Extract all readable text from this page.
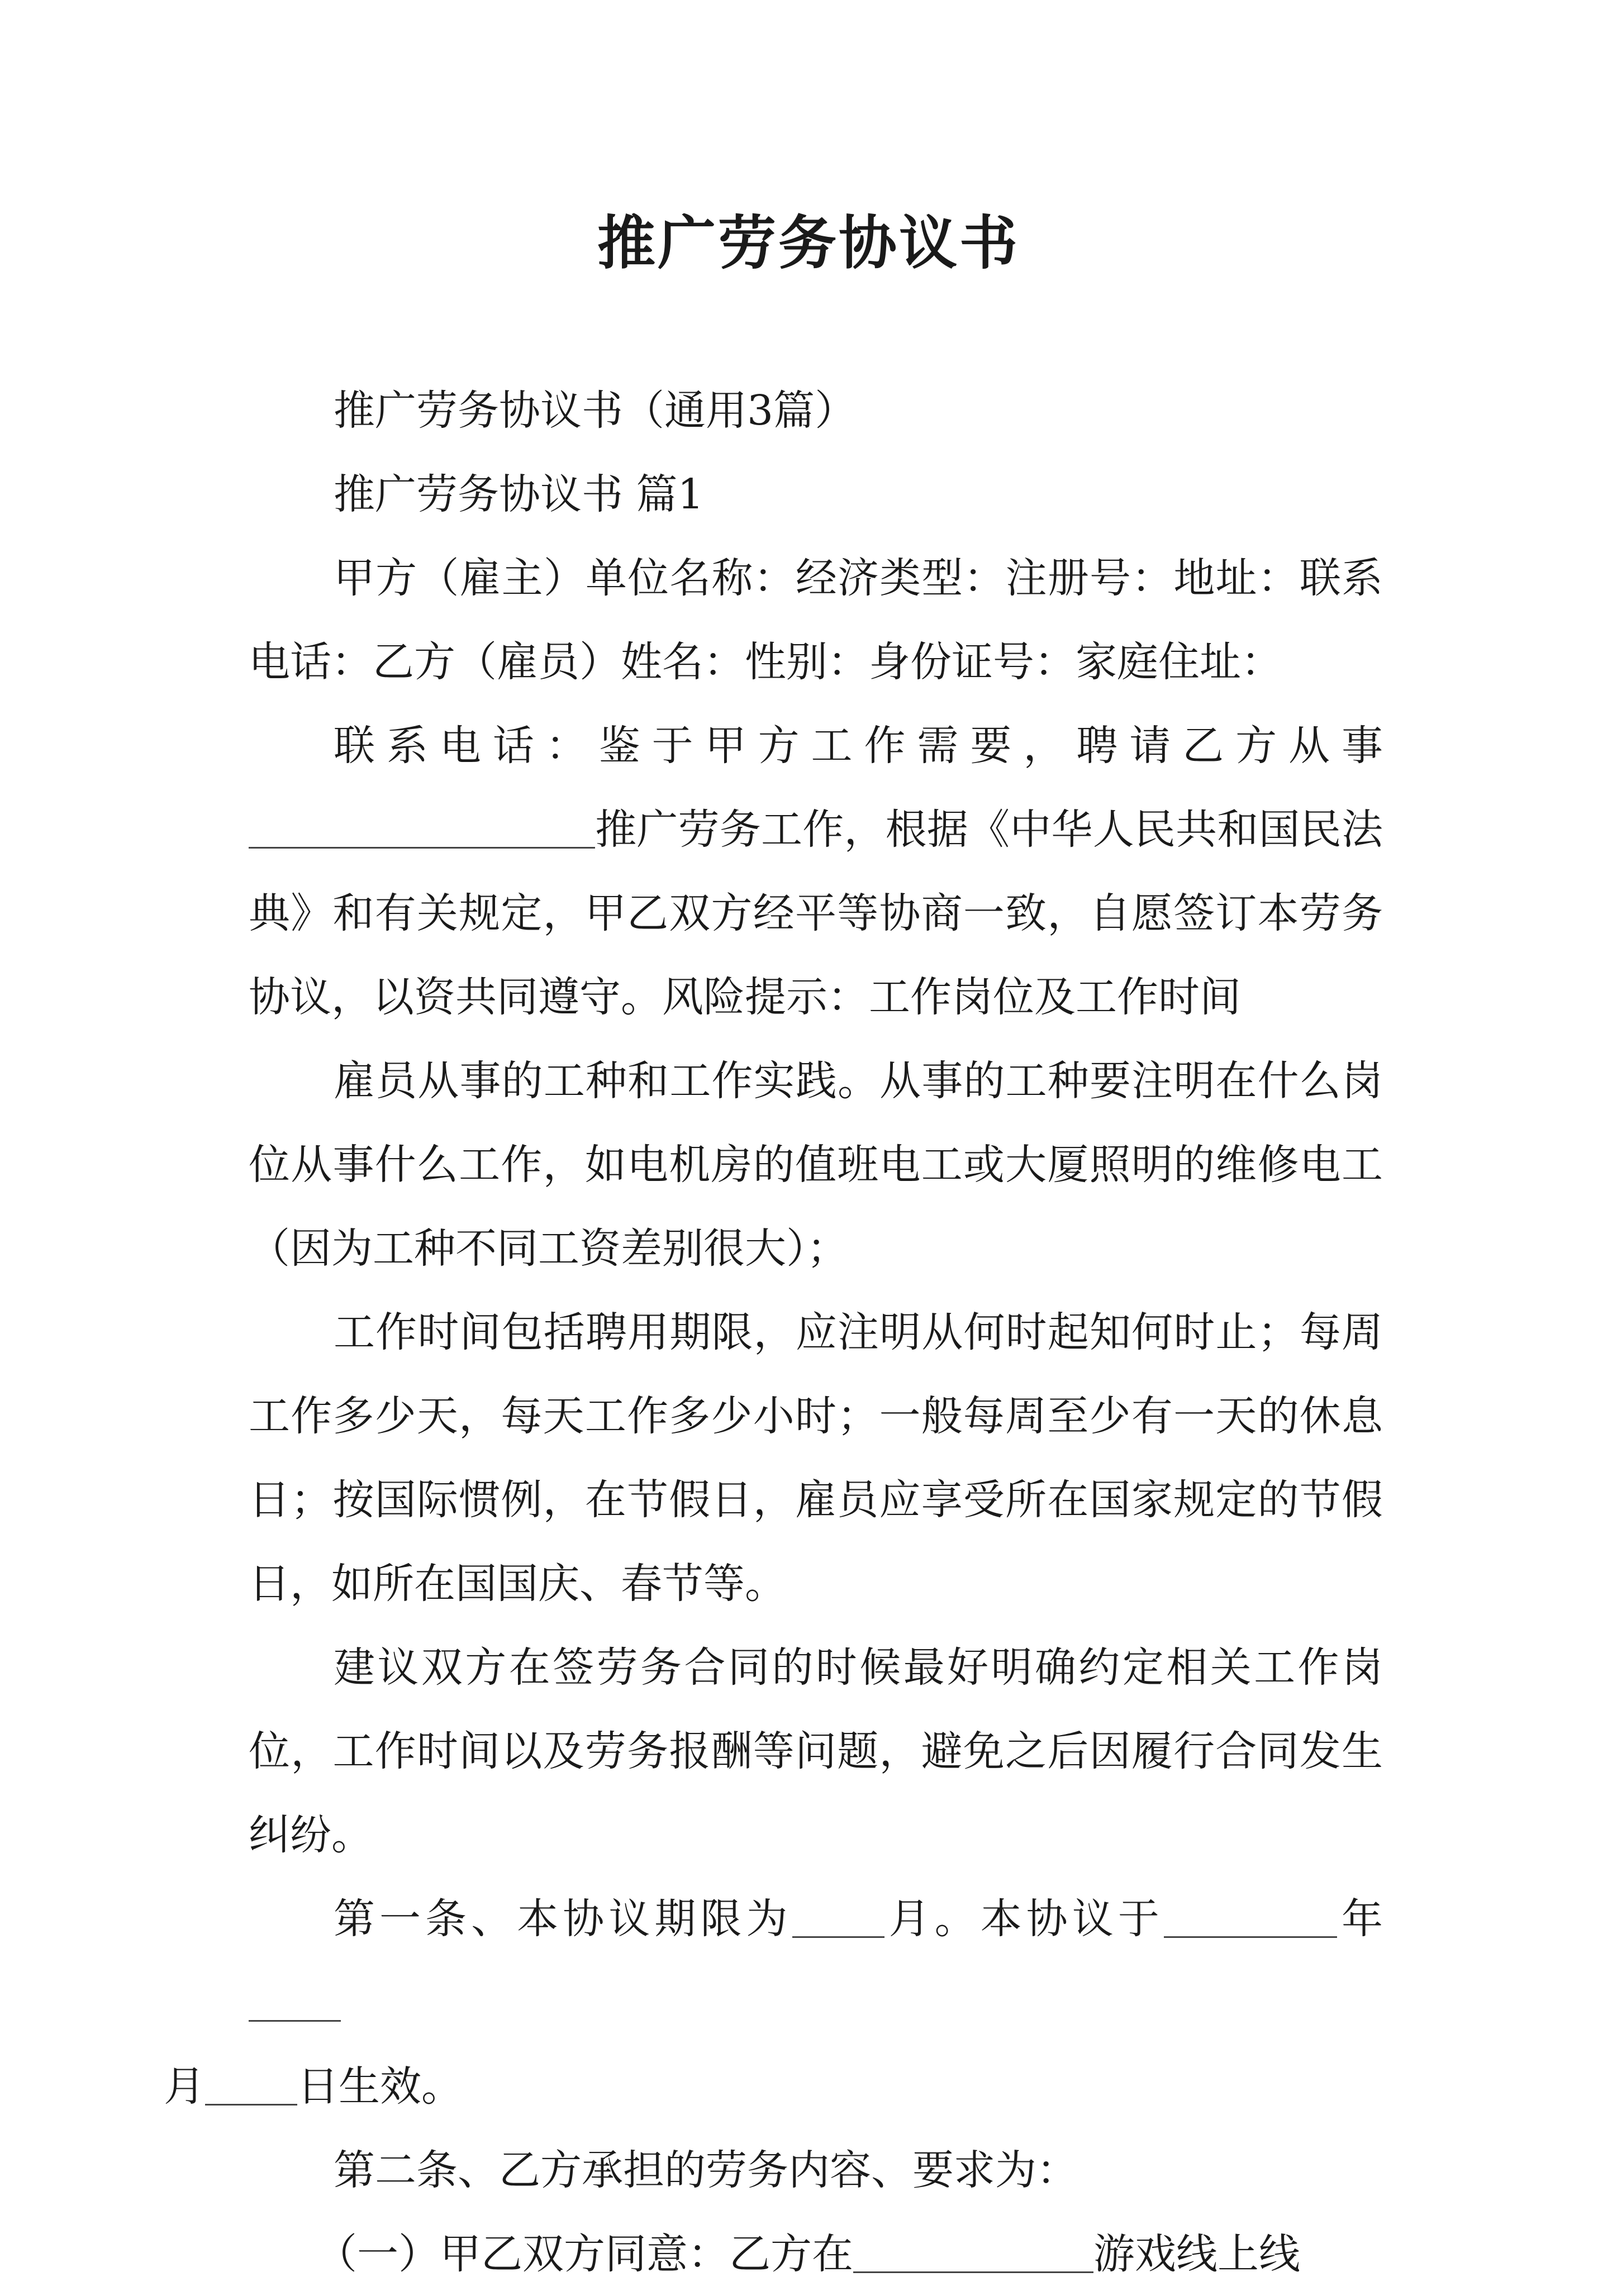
推广劳务协议书

推广劳务协议书（通用3篇）

推广劳务协议书 篇1

甲方（雇主）单位名称：经济类型：注册号：地址：联系电话：乙方（雇员）姓名：性别：身份证号：家庭住址：
联系电话：鉴于甲方工作需要，聘请乙方从事
推广劳务工作，根据《中华人民共和国民法典》和有关规定，甲乙双方经平等协商一致，自愿签订本劳务协议，以资共同遵守。风险提示：工作岗位及工作时间

雇员从事的工种和工作实践。从事的工种要注明在什么岗位从事什么工作，如电机房的值班电工或大厦照明的维修电工（因为工种不同工资差别很大）；

工作时间包括聘用期限，应注明从何时起知何时止；每周工作多少天，每天工作多少小时；一般每周至少有一天的休息日；按国际惯例，在节假日，雇员应享受所在国家规定的节假日，如所在国国庆、春节等。

建议双方在签劳务合同的时候最好明确约定相关工作岗位，工作时间以及劳务报酬等问题，避免之后因履行合同发生纠纷。

第一条、本协议期限为 月。本协议于	年
月 日生效。

第二条、乙方承担的劳务内容、要求为：

（一）甲乙双方同意：乙方在	游戏线上线
